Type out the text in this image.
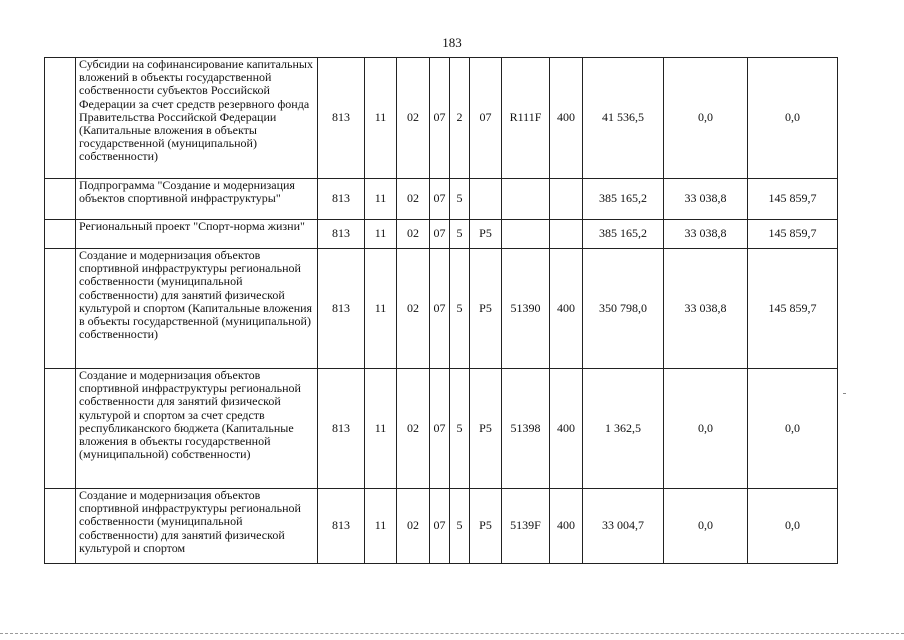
183
	Субсидии на софинансирование капитальных вложений в объекты государственной собственности субъектов Российской Федерации за счет средств резервного фонда Правительства Российской Федерации (Капитальные вложения в объекты государственной (муниципальной) собственности)	813	11	02	07	2	07	R111F	400	41 536,5	0,0	0,0
	Подпрограмма "Создание и модернизация объектов спортивной инфраструктуры"	813	11	02	07	5				385 165,2	33 038,8	145 859,7
	Региональный проект "Спорт-норма жизни"	813	11	02	07	5	P5			385 165,2	33 038,8	145 859,7
	Создание и модернизация объектов спортивной инфраструктуры региональной собственности (муниципальной собственности) для занятий физической культурой и спортом (Капитальные вложения в объекты государственной (муниципальной) собственности)	813	11	02	07	5	P5	51390	400	350 798,0	33 038,8	145 859,7
	Создание и модернизация объектов спортивной инфраструктуры региональной собственности для занятий физической культурой и спортом за счет средств республиканского бюджета (Капитальные вложения в объекты государственной (муниципальной) собственности)	813	11	02	07	5	P5	51398	400	1 362,5	0,0	0,0
	Создание и модернизация объектов спортивной инфраструктуры региональной собственности (муниципальной собственности) для занятий физической культурой и спортом	813	11	02	07	5	P5	5139F	400	33 004,7	0,0	0,0
